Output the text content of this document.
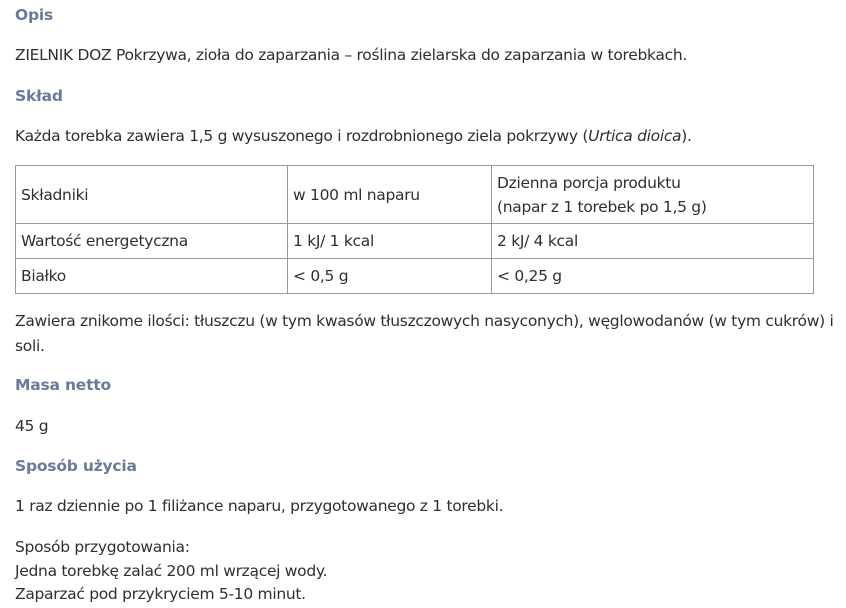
Opis
ZIELNIK DOZ Pokrzywa, zioła do zaparzania – roślina zielarska do zaparzania w torebkach.
Skład
Każda torebka zawiera 1,5 g wysuszonego i rozdrobnionego ziela pokrzywy (Urtica dioica).
Składniki	w 100 ml naparu	Dzienna porcja produktu
(napar z 1 torebek po 1,5 g)
Wartość energetyczna	1 kJ/ 1 kcal	2 kJ/ 4 kcal
Białko	< 0,5 g	< 0,25 g
Zawiera znikome ilości: tłuszczu (w tym kwasów tłuszczowych nasyconych), węglowodanów (w tym cukrów) i
soli.
Masa netto
45 g
Sposób użycia
1 raz dziennie po 1 filiżance naparu, przygotowanego z 1 torebki.
Sposób przygotowania:
Jedna torebkę zalać 200 ml wrzącej wody.
Zaparzać pod przykryciem 5-10 minut.
